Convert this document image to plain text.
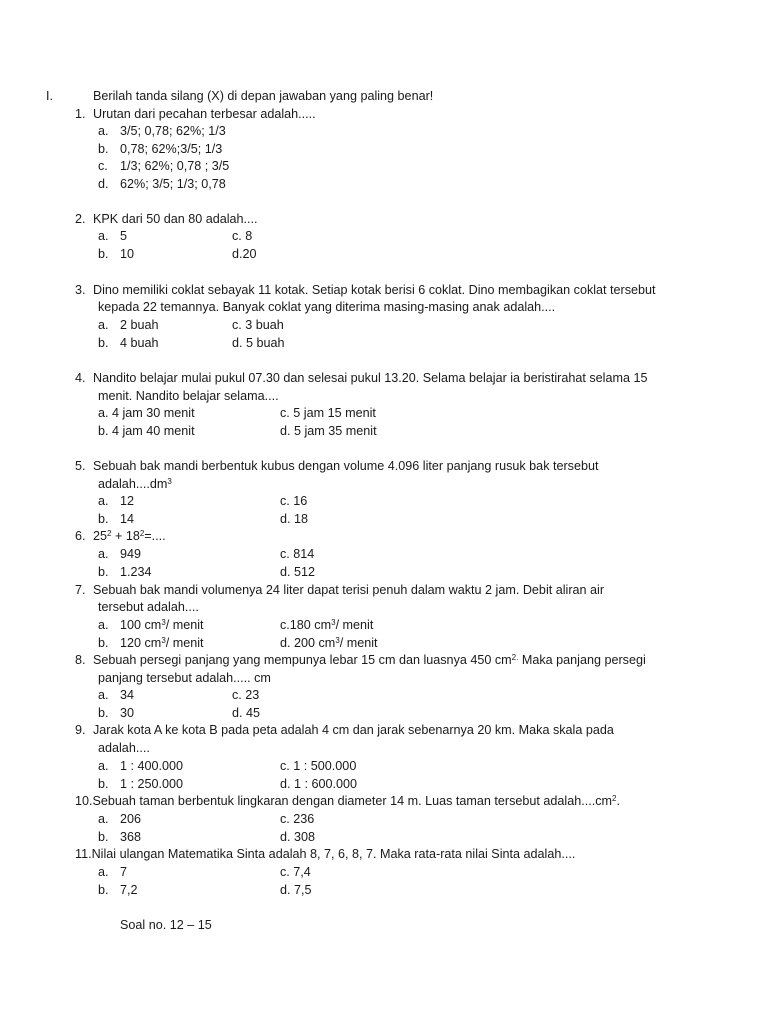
I.	Berilah tanda silang (X) di depan jawaban yang paling benar!
1. Urutan dari pecahan terbesar adalah.....
a. 3/5; 0,78; 62%; 1/3
b. 0,78; 62%;3/5; 1/3
c. 1/3; 62%; 0,78 ; 3/5
d. 62%; 3/5; 1/3; 0,78
2. KPK dari 50 dan 80 adalah....
a. 5	c. 8
b. 10	d.20
3. Dino memiliki coklat sebayak 11 kotak. Setiap kotak berisi 6 coklat. Dino membagikan coklat tersebut
kepada 22 temannya. Banyak coklat yang diterima masing-masing anak adalah....
a. 2 buah	c. 3 buah
b. 4 buah	d. 5 buah
4. Nandito belajar mulai pukul 07.30 dan selesai pukul 13.20. Selama belajar ia beristirahat selama 15
menit. Nandito belajar selama....
a. 4 jam 30 menit	c. 5 jam 15 menit
b. 4 jam 40 menit	d. 5 jam 35 menit
5. Sebuah bak mandi berbentuk kubus dengan volume 4.096 liter panjang rusuk bak tersebut
$adalah....dm^3$
a. 12	c. 16
b. 14	d. 18
6. $25^2 + 18^2=$....
a. 949	c. 814
b. 1.234	d. 512
7. Sebuah bak mandi volumenya 24 liter dapat terisi penuh dalam waktu 2 jam. Debit aliran air
tersebut adalah....
a. 100 $cm^3/$ menit	c.180 $cm^3/$ menit
b. 120 $cm^3/$ menit	d. 200 $cm^3/$ menit
8. Sebuah persegi panjang yang mempunya lebar 15 cm dan luasnya 450 $cm^{2.}$ Maka panjang persegi
panjang tersebut adalah..... cm
a. 34	c. 23
b. 30	d. 45
9. Jarak kota A ke kota B pada peta adalah 4 cm dan jarak sebenarnya 20 km. Maka skala pada
adalah....
a. 1 : 400.000	c. 1 : 500.000
b. 1 : 250.000	d. 1 : 600.000
10.Sebuah taman berbentuk lingkaran dengan diameter 14 m. Luas taman tersebut $adalah....cm^2$.
a. 206	c. 236
b. 368	d. 308
11.Nilai ulangan Matematika Sinta adalah 8, 7, 6, 8, 7. Maka rata-rata nilai Sinta adalah....
a. 7	c. 7,4
b. 7,2	d. 7,5
Soal no. 12 – 15
